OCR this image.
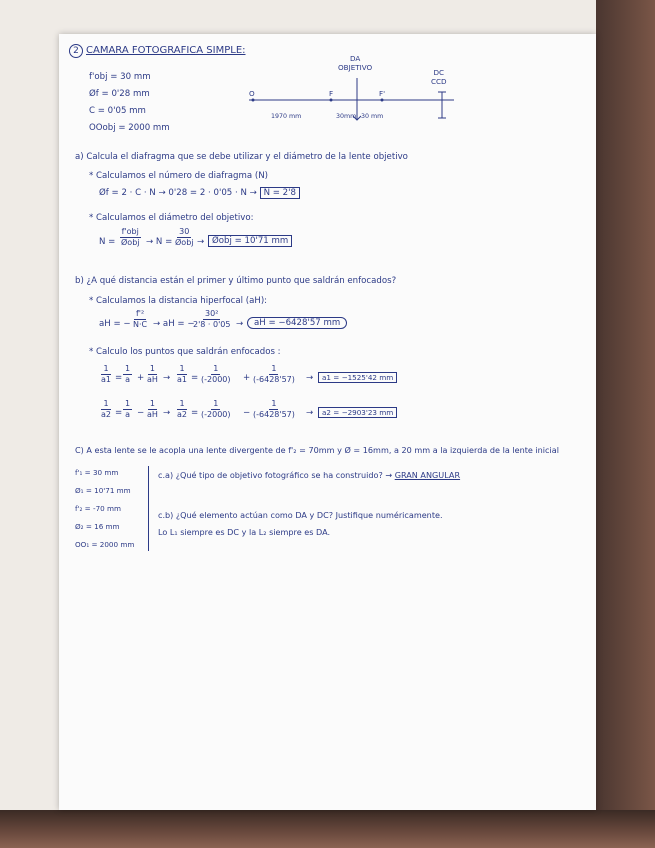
2 CAMARA FOTOGRAFICA SIMPLE:
f'obj = 30 mm
Øf = 0'28 mm
C = 0'05 mm
OOobj = 2000 mm
DA
OBJETIVO
DC
CCD
O	F	F'
1970 mm	30mm 30 mm
a) Calcula el diafragma que se debe utilizar y el diámetro de la lente objetivo
* Calculamos el número de diafragma (N)
Øf = 2 · C · N → 0'28 = 2 · 0'05 · N → N = 2'8
* Calculamos el diámetro del objetivo:
N =
f'obj
Øobj → N =
30
Øobj → Øobj = 10'71 mm
b) ¿A qué distancia están el primer y último punto que saldrán enfocados?
* Calculamos la distancia hiperfocal (aH):
aH = − $\frac{\text{f'²}}{N\cdot C}$ → aH = −
$\frac{\text{30²}}{2'8 \cdot 0'05}$ →	aH = −6428'57 mm
* Calculo los puntos que saldrán enfocados :
$\frac{1}{a1} = \frac{1}{a} + \frac{1}{aH} \to \frac{1}{a1} = \frac{1}{(-2000)} + \frac{1}{(-6428'57)}$ →	a1 = −1525'42 mm
$\frac{1}{a2} = \frac{1}{a} - \frac{1}{aH} \to \frac{1}{a2} = \frac{1}{(-2000)} - \frac{1}{(-6428'57)}$ →	a2 = −2903'23 mm
C) A esta lente se le acopla una lente divergente de f'₂ = 70mm y Ø = 16mm, a 20 mm a la izquierda de la lente inicial
f'₁ = 30 mm
Ø₁ = 10'71 mm
f'₂ = -70 mm
Ø₂ = 16 mm
OO₁ = 2000 mm
c.a) ¿Qué tipo de objetivo fotográfico se ha construido? → GRAN ANGULAR
c.b) ¿Qué elemento actúan como DA y DC? Justifique numéricamente.
Lo L₁ siempre es DC y la L₂ siempre es DA.
